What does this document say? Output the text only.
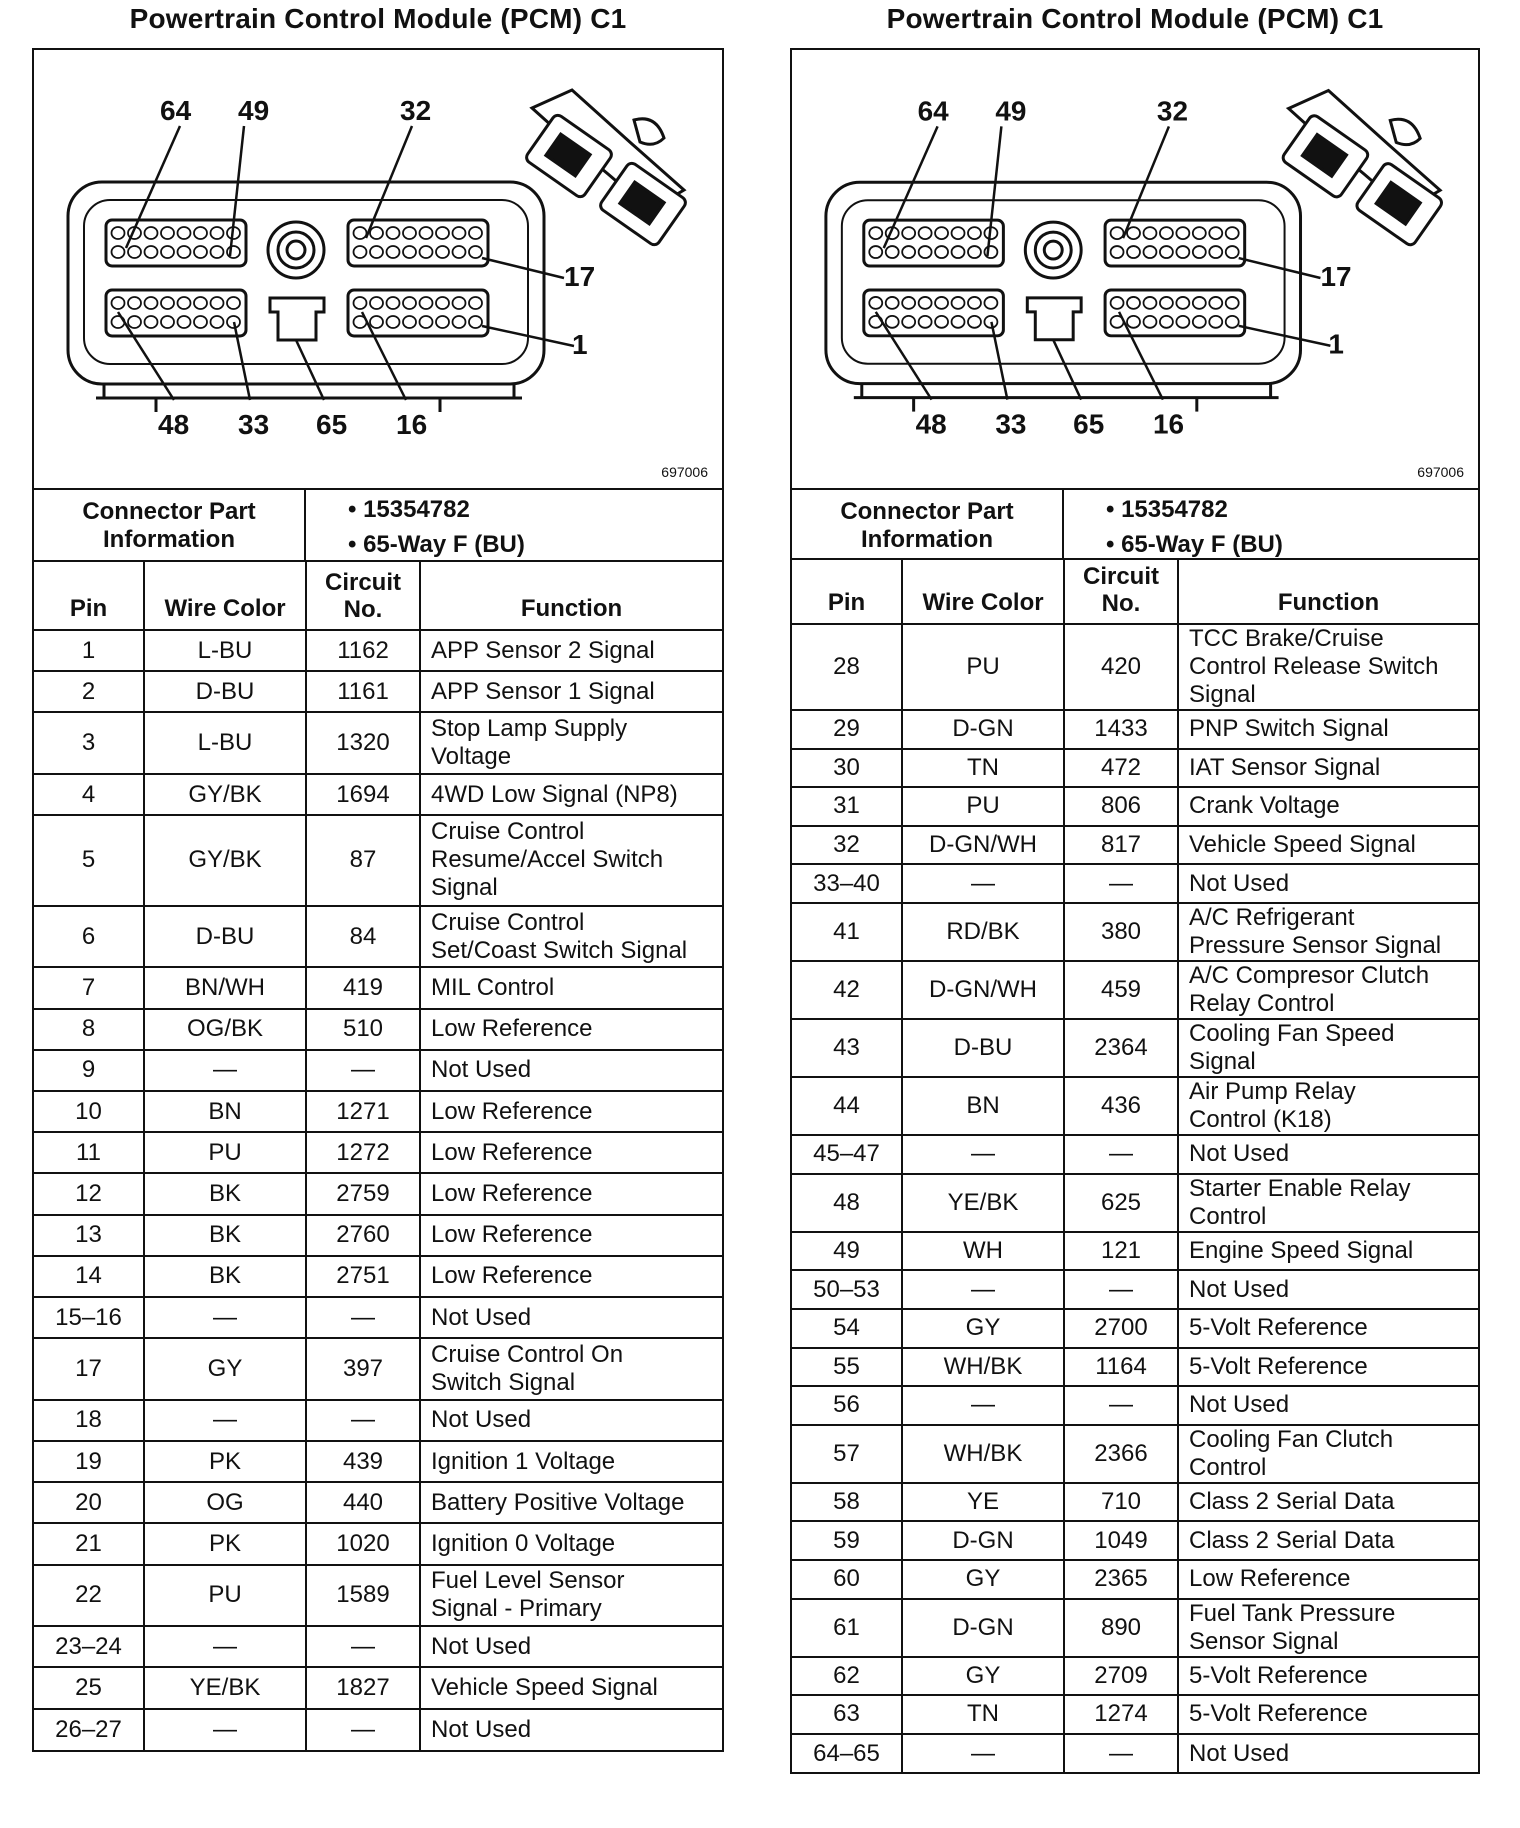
Powertrain Control Module (PCM) C1
64 49	32
17
1
48 33 65 16
697006
Connector Part
Information
• 15354782
• 65-Way F (BU)
Pin	Wire Color	Circuit
No.	Function
1	L-BU	1162	APP Sensor 2 Signal

2	D-BU	1161	APP Sensor 1 Signal

3	L-BU	1320	Stop Lamp Supply
Voltage

4	GY/BK	1694	4WD Low Signal (NP8)

5	GY/BK	87	Cruise Control
Resume/Accel Switch
Signal

6	D-BU	84	Cruise Control
Set/Coast Switch Signal

7	BN/WH	419	MIL Control

8	OG/BK	510	Low Reference

9	—	—	Not Used

10	BN	1271	Low Reference

11	PU	1272	Low Reference

12	BK	2759	Low Reference

13	BK	2760	Low Reference

14	BK	2751	Low Reference

15–16	—	—	Not Used

17	GY	397	Cruise Control On
Switch Signal

18	—	—	Not Used

19	PK	439	Ignition 1 Voltage

20	OG	440	Battery Positive Voltage

21	PK	1020	Ignition 0 Voltage

22	PU	1589	Fuel Level Sensor
Signal - Primary

23–24	—	—	Not Used

25	YE/BK	1827	Vehicle Speed Signal

26–27	—	—	Not Used
Powertrain Control Module (PCM) C1
64 49	32
17
1
48 33 65 16
697006
Connector Part
Information
• 15354782
• 65-Way F (BU)
Pin	Wire Color	Circuit
No.	Function
28	PU	420	TCC Brake/Cruise
Control Release Switch
Signal

29	D-GN	1433	PNP Switch Signal

30	TN	472	IAT Sensor Signal

31	PU	806	Crank Voltage

32	D-GN/WH	817	Vehicle Speed Signal

33–40	—	—	Not Used

41	RD/BK	380	A/C Refrigerant
Pressure Sensor Signal

42	D-GN/WH	459	A/C Compresor Clutch
Relay Control

43	D-BU	2364	Cooling Fan Speed
Signal

44	BN	436	Air Pump Relay
Control (K18)

45–47	—	—	Not Used

48	YE/BK	625	Starter Enable Relay
Control

49	WH	121	Engine Speed Signal

50–53	—	—	Not Used

54	GY	2700	5-Volt Reference

55	WH/BK	1164	5-Volt Reference

56	—	—	Not Used

57	WH/BK	2366	Cooling Fan Clutch
Control

58	YE	710	Class 2 Serial Data

59	D-GN	1049	Class 2 Serial Data

60	GY	2365	Low Reference

61	D-GN	890	Fuel Tank Pressure
Sensor Signal

62	GY	2709	5-Volt Reference

63	TN	1274	5-Volt Reference

64–65	—	—	Not Used
